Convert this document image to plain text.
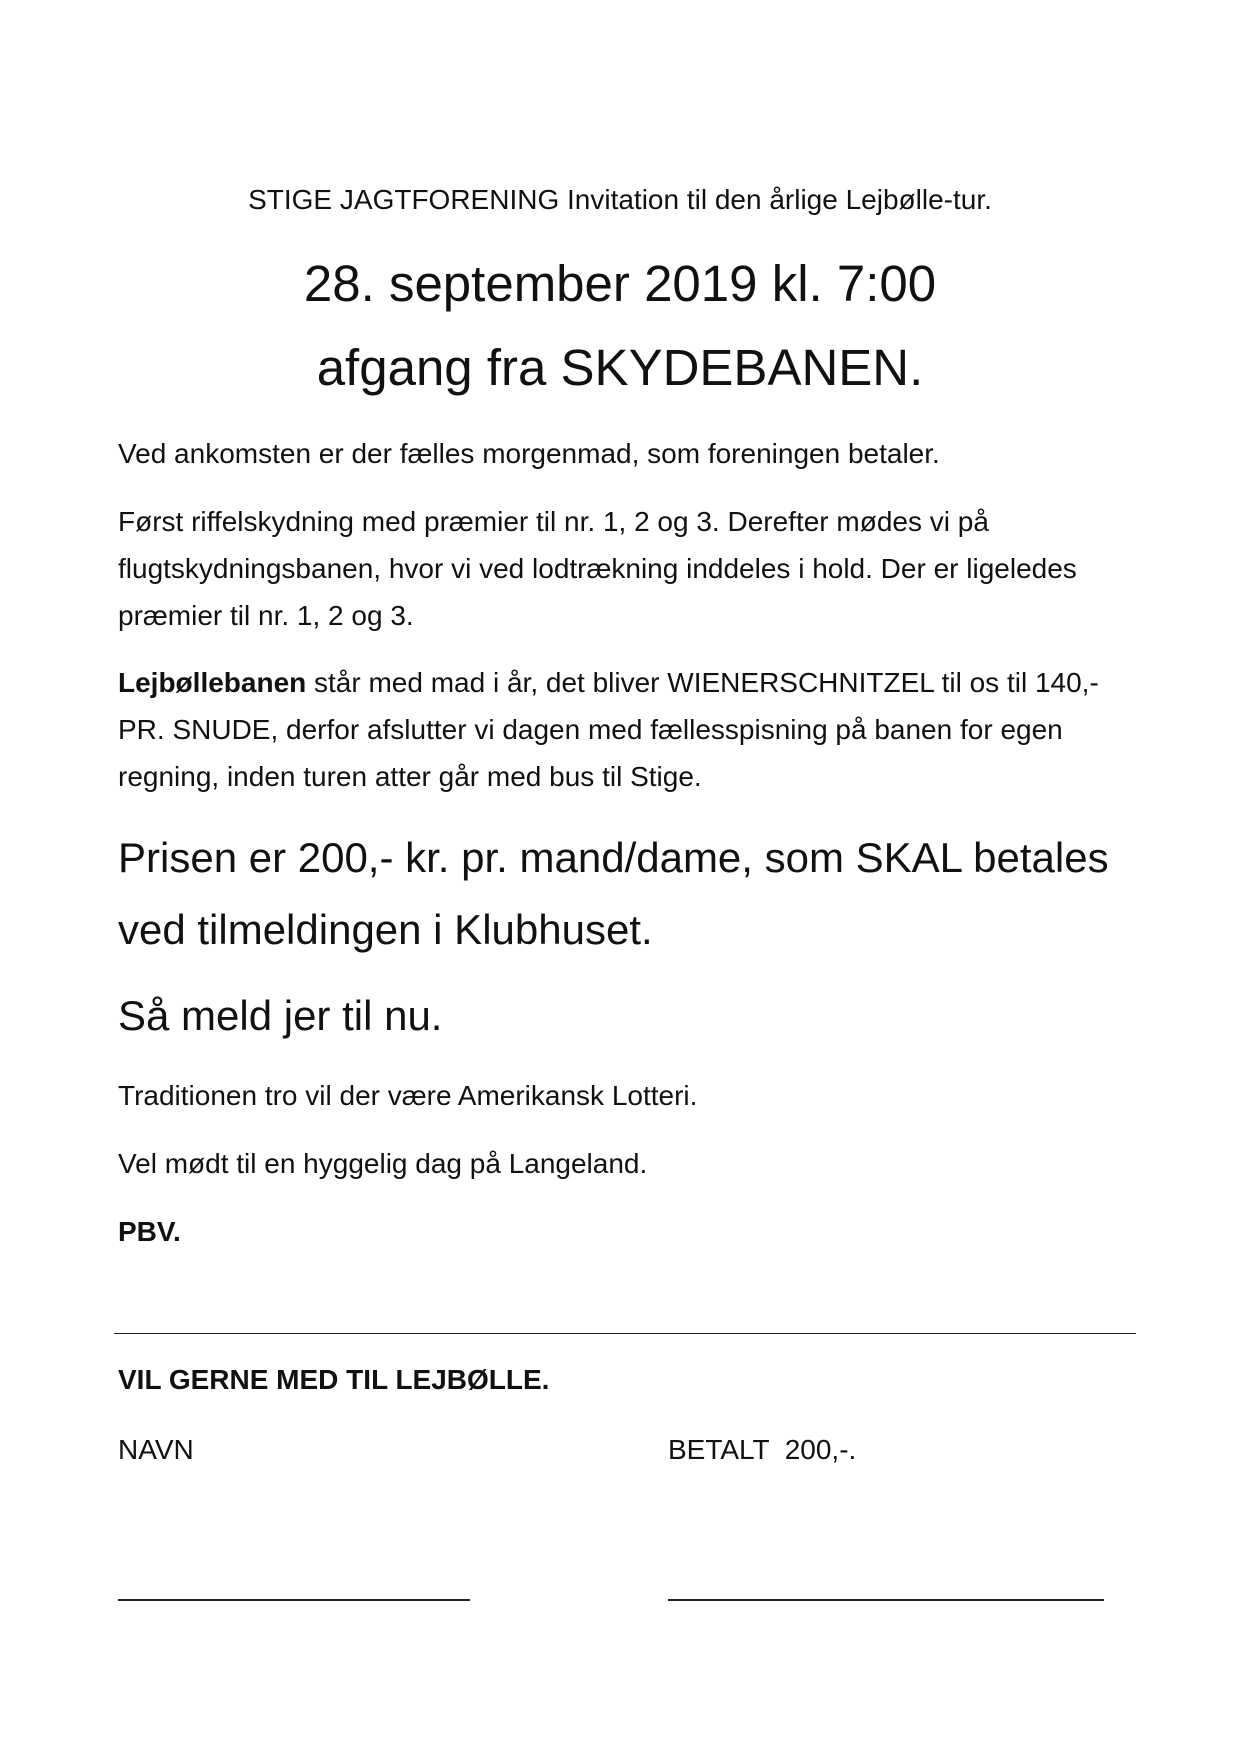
STIGE JAGTFORENING Invitation til den årlige Lejbølle-tur.
28. september 2019 kl. 7:00
afgang fra SKYDEBANEN.

Ved ankomsten er der fælles morgenmad, som foreningen betaler.

Først riffelskydning med præmier til nr. 1, 2 og 3. Derefter mødes vi på flugtskydningsbanen, hvor vi ved lodtrækning inddeles i hold. Der er ligeledes præmier til nr. 1, 2 og 3.

Lejbøllebanen står med mad i år, det bliver WIENERSCHNITZEL til os til 140,- PR. SNUDE, derfor afslutter vi dagen med fællesspisning på banen for egen regning, inden turen atter går med bus til Stige.

Prisen er 200,- kr. pr. mand/dame, som SKAL betales ved tilmeldingen i Klubhuset.

Så meld jer til nu.

Traditionen tro vil der være Amerikansk Lotteri.

Vel mødt til en hyggelig dag på Langeland.

PBV.

VIL GERNE MED TIL LEJBØLLE.
NAVN	BETALT  200,-.
